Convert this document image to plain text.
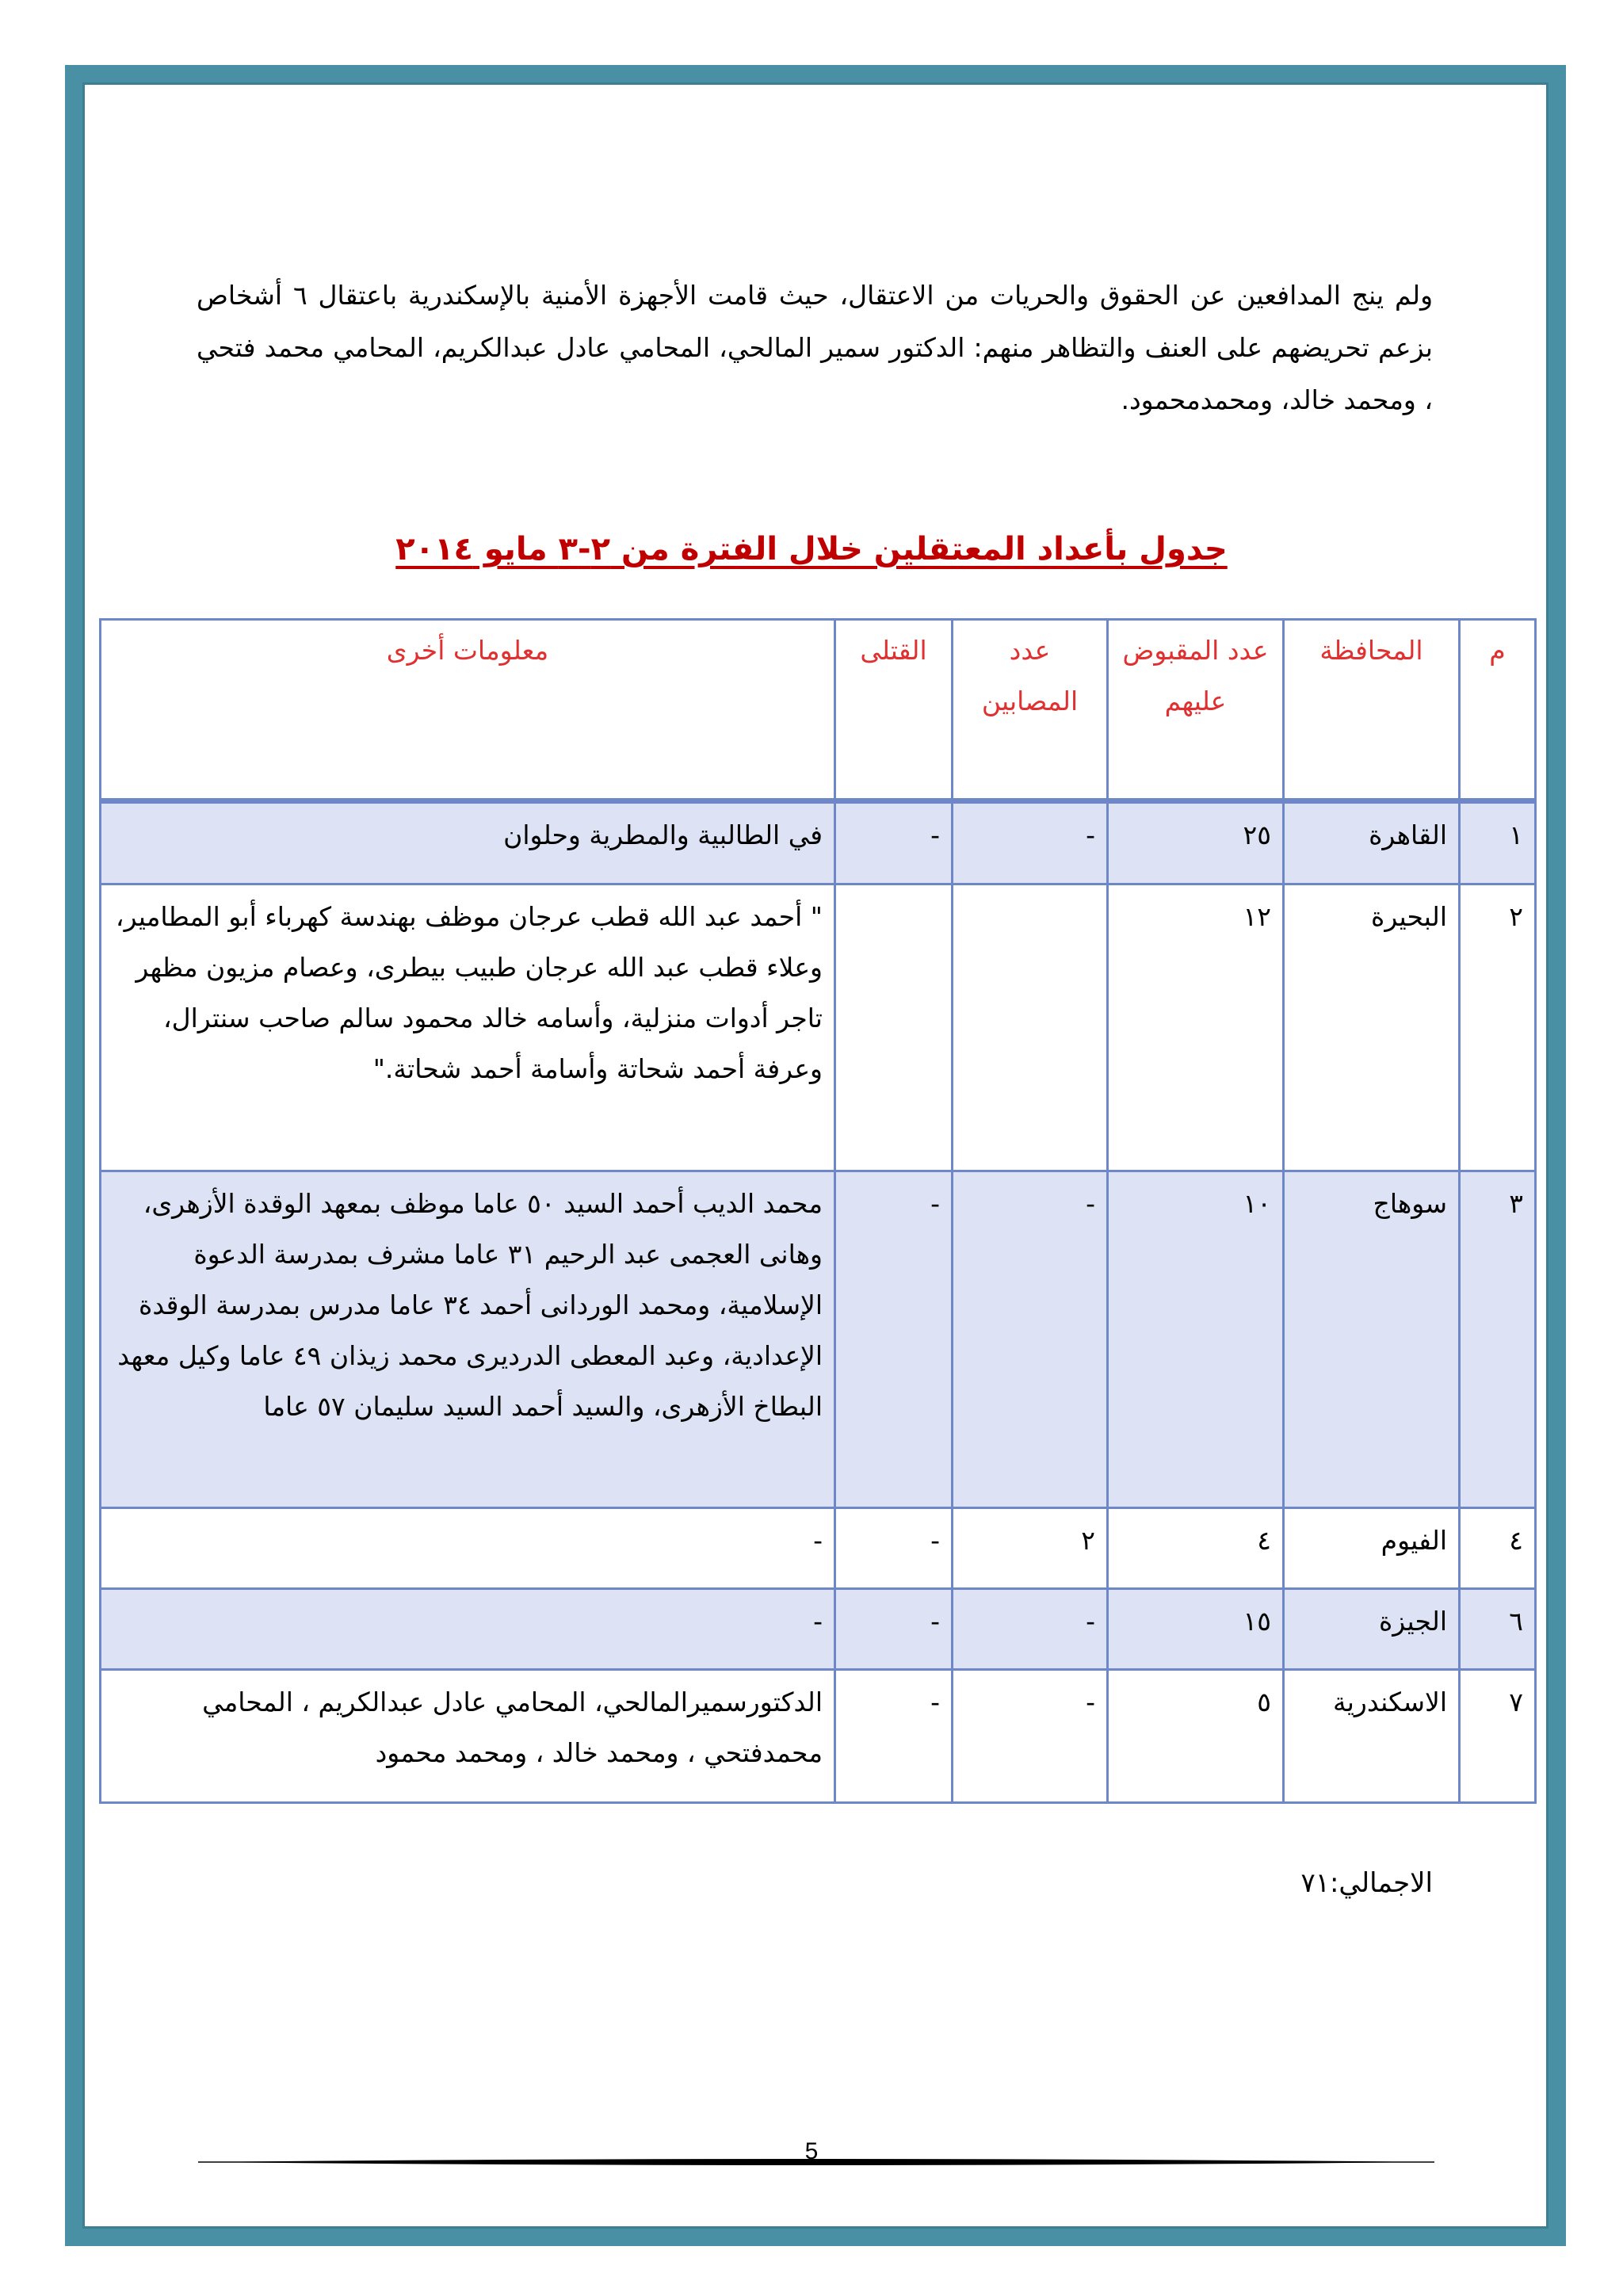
ولم ينج المدافعين عن الحقوق والحريات من الاعتقال، حيث قامت الأجهزة الأمنية بالإسكندرية باعتقال ٦ أشخاص بزعم تحريضهم على العنف والتظاهر منهم: الدكتور سمير المالحي، المحامي عادل عبدالكريم، المحامي محمد فتحي ، ومحمد خالد، ومحمدمحمود.

جدول بأعداد المعتقلين خلال الفترة من ٢-٣ مايو ٢٠١٤
م	المحافظة	عدد المقبوض عليهم	عدد المصابين	القتلى	معلومات أخرى
١	القاهرة	٢٥	-	-	في الطالبية والمطرية وحلوان
٢	البحيرة	١٢			" أحمد عبد الله قطب عرجان موظف بهندسة كهرباء أبو المطامير، وعلاء قطب عبد الله عرجان طبيب بيطرى، وعصام مزيون مظهر تاجر أدوات منزلية، وأسامه خالد محمود سالم صاحب سنترال، وعرفة أحمد شحاتة وأسامة أحمد شحاتة."
٣	سوهاج	١٠	-	-	محمد الديب أحمد السيد ٥٠ عاما موظف بمعهد الوقدة الأزهرى، وهانى العجمى عبد الرحيم ٣١ عاما مشرف بمدرسة الدعوة الإسلامية، ومحمد الوردانى أحمد ٣٤ عاما مدرس بمدرسة الوقدة الإعدادية، وعبد المعطى الدرديرى محمد زيذان ٤٩ عاما وكيل معهد البطاخ الأزهرى، والسيد أحمد السيد سليمان ٥٧ عاما
٤	الفيوم	٤	٢	-	-
٦	الجيزة	١٥	-	-	-
٧	الاسكندرية	٥	-	-	الدكتورسميرالمالحي، المحامي عادل عبدالكريم ، المحامي محمدفتحي ، ومحمد خالد ، ومحمد محمود
الاجمالي:٧١
5
